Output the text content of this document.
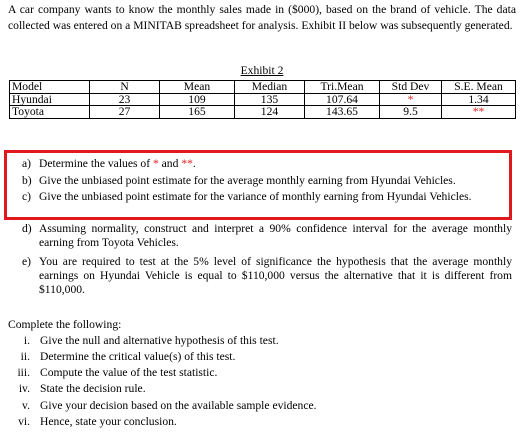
A car company wants to know the monthly sales made in ($000), based on the brand of vehicle. The data collected was entered on a MINITAB spreadsheet for analysis. Exhibit II below was subsequently generated.
Exhibit 2
Model	N	Mean	Median	Tri.Mean	Std Dev	S.E. Mean
Hyundai	23	109	135	107.64	*	1.34
Toyota	27	165	124	143.65	9.5	**
a) Determine the values of * and **.
b) Give the unbiased point estimate for the average monthly earning from Hyundai Vehicles.
c) Give the unbiased point estimate for the variance of monthly earning from Hyundai Vehicles.
d) Assuming normality, construct and interpret a 90% confidence interval for the average monthly earning from Toyota Vehicles.
e) You are required to test at the 5% level of significance the hypothesis that the average monthly earnings on Hyundai Vehicle is equal to $110,000 versus the alternative that it is different from $110,000.
Complete the following:
i. Give the null and alternative hypothesis of this test.
ii. Determine the critical value(s) of this test.
iii. Compute the value of the test statistic.
iv. State the decision rule.
v. Give your decision based on the available sample evidence.
vi. Hence, state your conclusion.
